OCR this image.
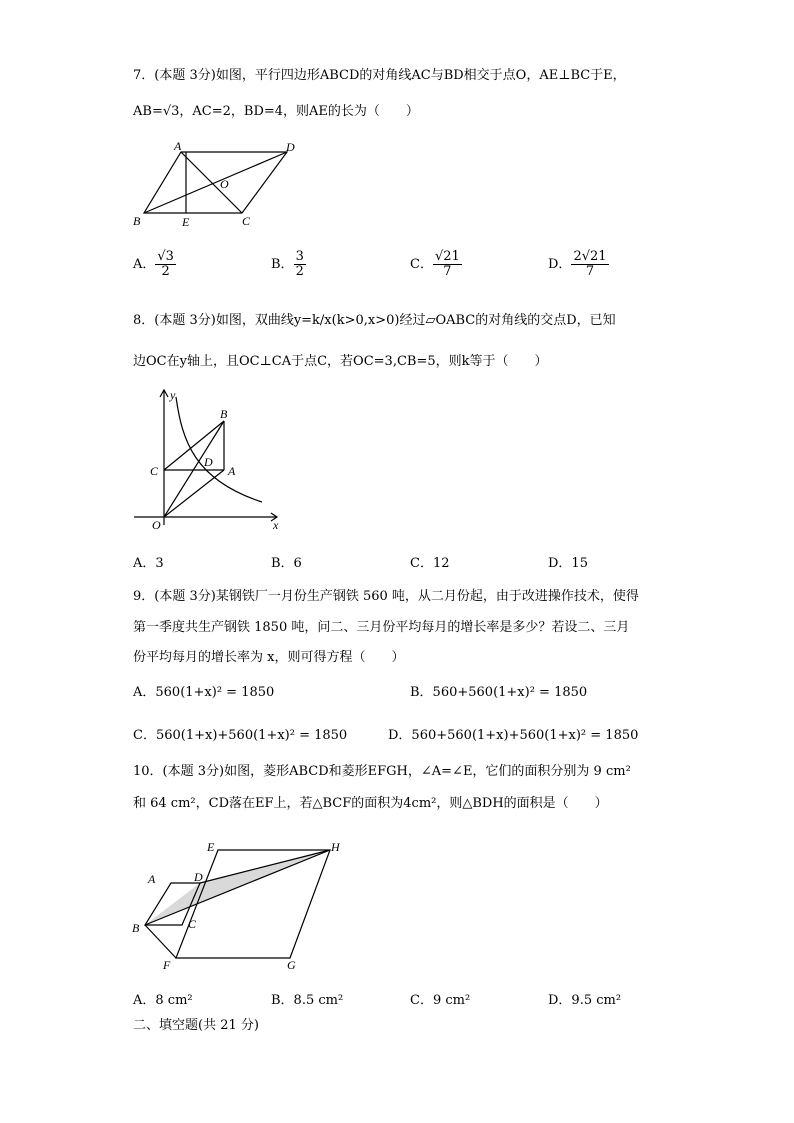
7．(本题 3分)如图，平行四边形ABCD的对角线AC与BD相交于点O，AE⊥BC于E，
AB=√3，AC=2，BD=4，则AE的长为（　　）
A	D
O
B	E	C
A． $\frac{√3}{2}$	B． $\frac{3}{2}$	C． $\frac{√21}{7}$	D． $\frac{2√21}{7}$
8．(本题 3分)如图，双曲线y=k/x(k>0,x>0)经过▱OABC的对角线的交点D，已知
边OC在y轴上，且OC⊥CA于点C，若OC=3,CB=5，则k等于（　　）
y
x
B
C
D
A
O
A．3	B．6	C．12	D．15
9．(本题 3分)某钢铁厂一月份生产钢铁 560 吨，从二月份起，由于改进操作技术，使得
第一季度共生产钢铁 1850 吨，问二、三月份平均每月的增长率是多少？若设二、三月
份平均每月的增长率为 x，则可得方程（　　）
A．560(1+x)² = 1850	B．560+560(1+x)² = 1850
C．560(1+x)+560(1+x)² = 1850	D．560+560(1+x)+560(1+x)² = 1850
10．(本题 3分)如图，菱形ABCD和菱形EFGH，∠A=∠E，它们的面积分别为 9 cm²
和 64 cm²，CD落在EF上，若△BCF的面积为4cm²，则△BDH的面积是（　　）
E	H
A	D
B	C
F	G
A．8 cm²	B．8.5 cm²	C．9 cm²	D．9.5 cm²
二、填空题(共 21 分)
